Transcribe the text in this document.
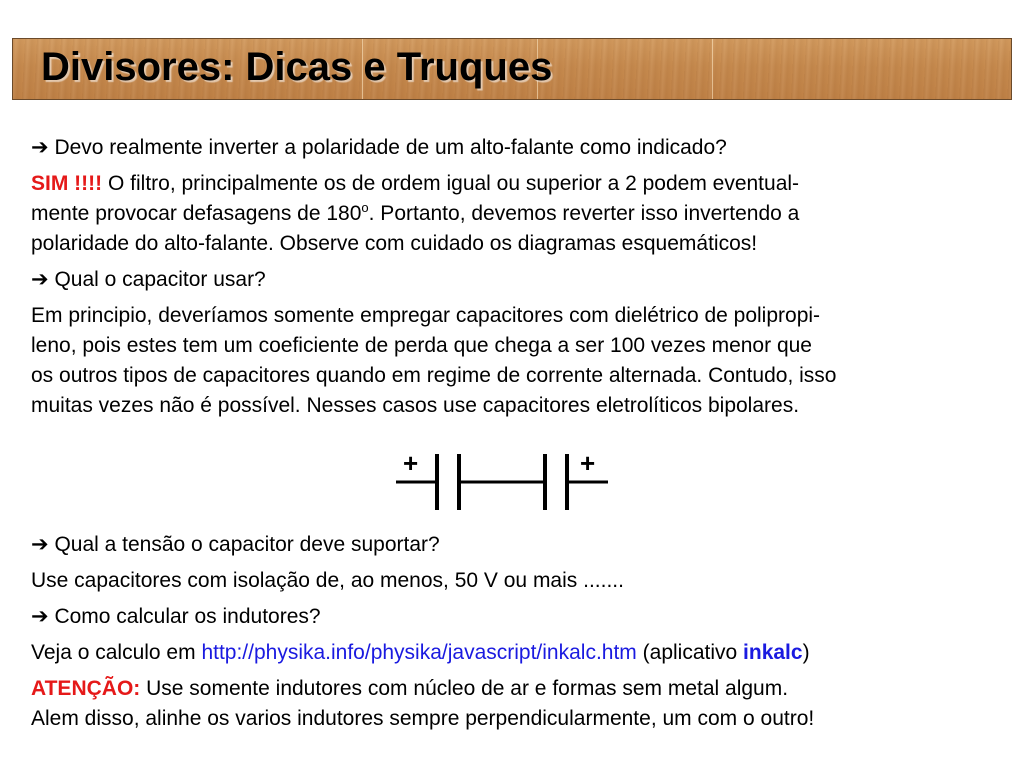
Divisores: Dicas e Truques

➔ Devo realmente inverter a polaridade de um alto-falante como indicado?

SIM !!!! O filtro, principalmente os de ordem igual ou superior a 2 podem eventual-
mente provocar defasagens de 180$^o$. Portanto, devemos reverter isso invertendo a
polaridade do alto-falante. Observe com cuidado os diagramas esquemáticos!

➔ Qual o capacitor usar?

Em principio, deveríamos somente empregar capacitores com dielétrico de polipropi-
leno, pois estes tem um coeficiente de perda que chega a ser 100 vezes menor que
os outros tipos de capacitores quando em regime de corrente alternada. Contudo, isso
muitas vezes não é possível. Nesses casos use capacitores eletrolíticos bipolares.

+	+

➔ Qual a tensão o capacitor deve suportar?

Use capacitores com isolação de, ao menos, 50 V ou mais .......

➔ Como calcular os indutores?

Veja o calculo em http://physika.info/physika/javascript/inkalc.htm (aplicativo inkalc)

ATENÇÃO: Use somente indutores com núcleo de ar e formas sem metal algum.
Alem disso, alinhe os varios indutores sempre perpendicularmente, um com o outro!
